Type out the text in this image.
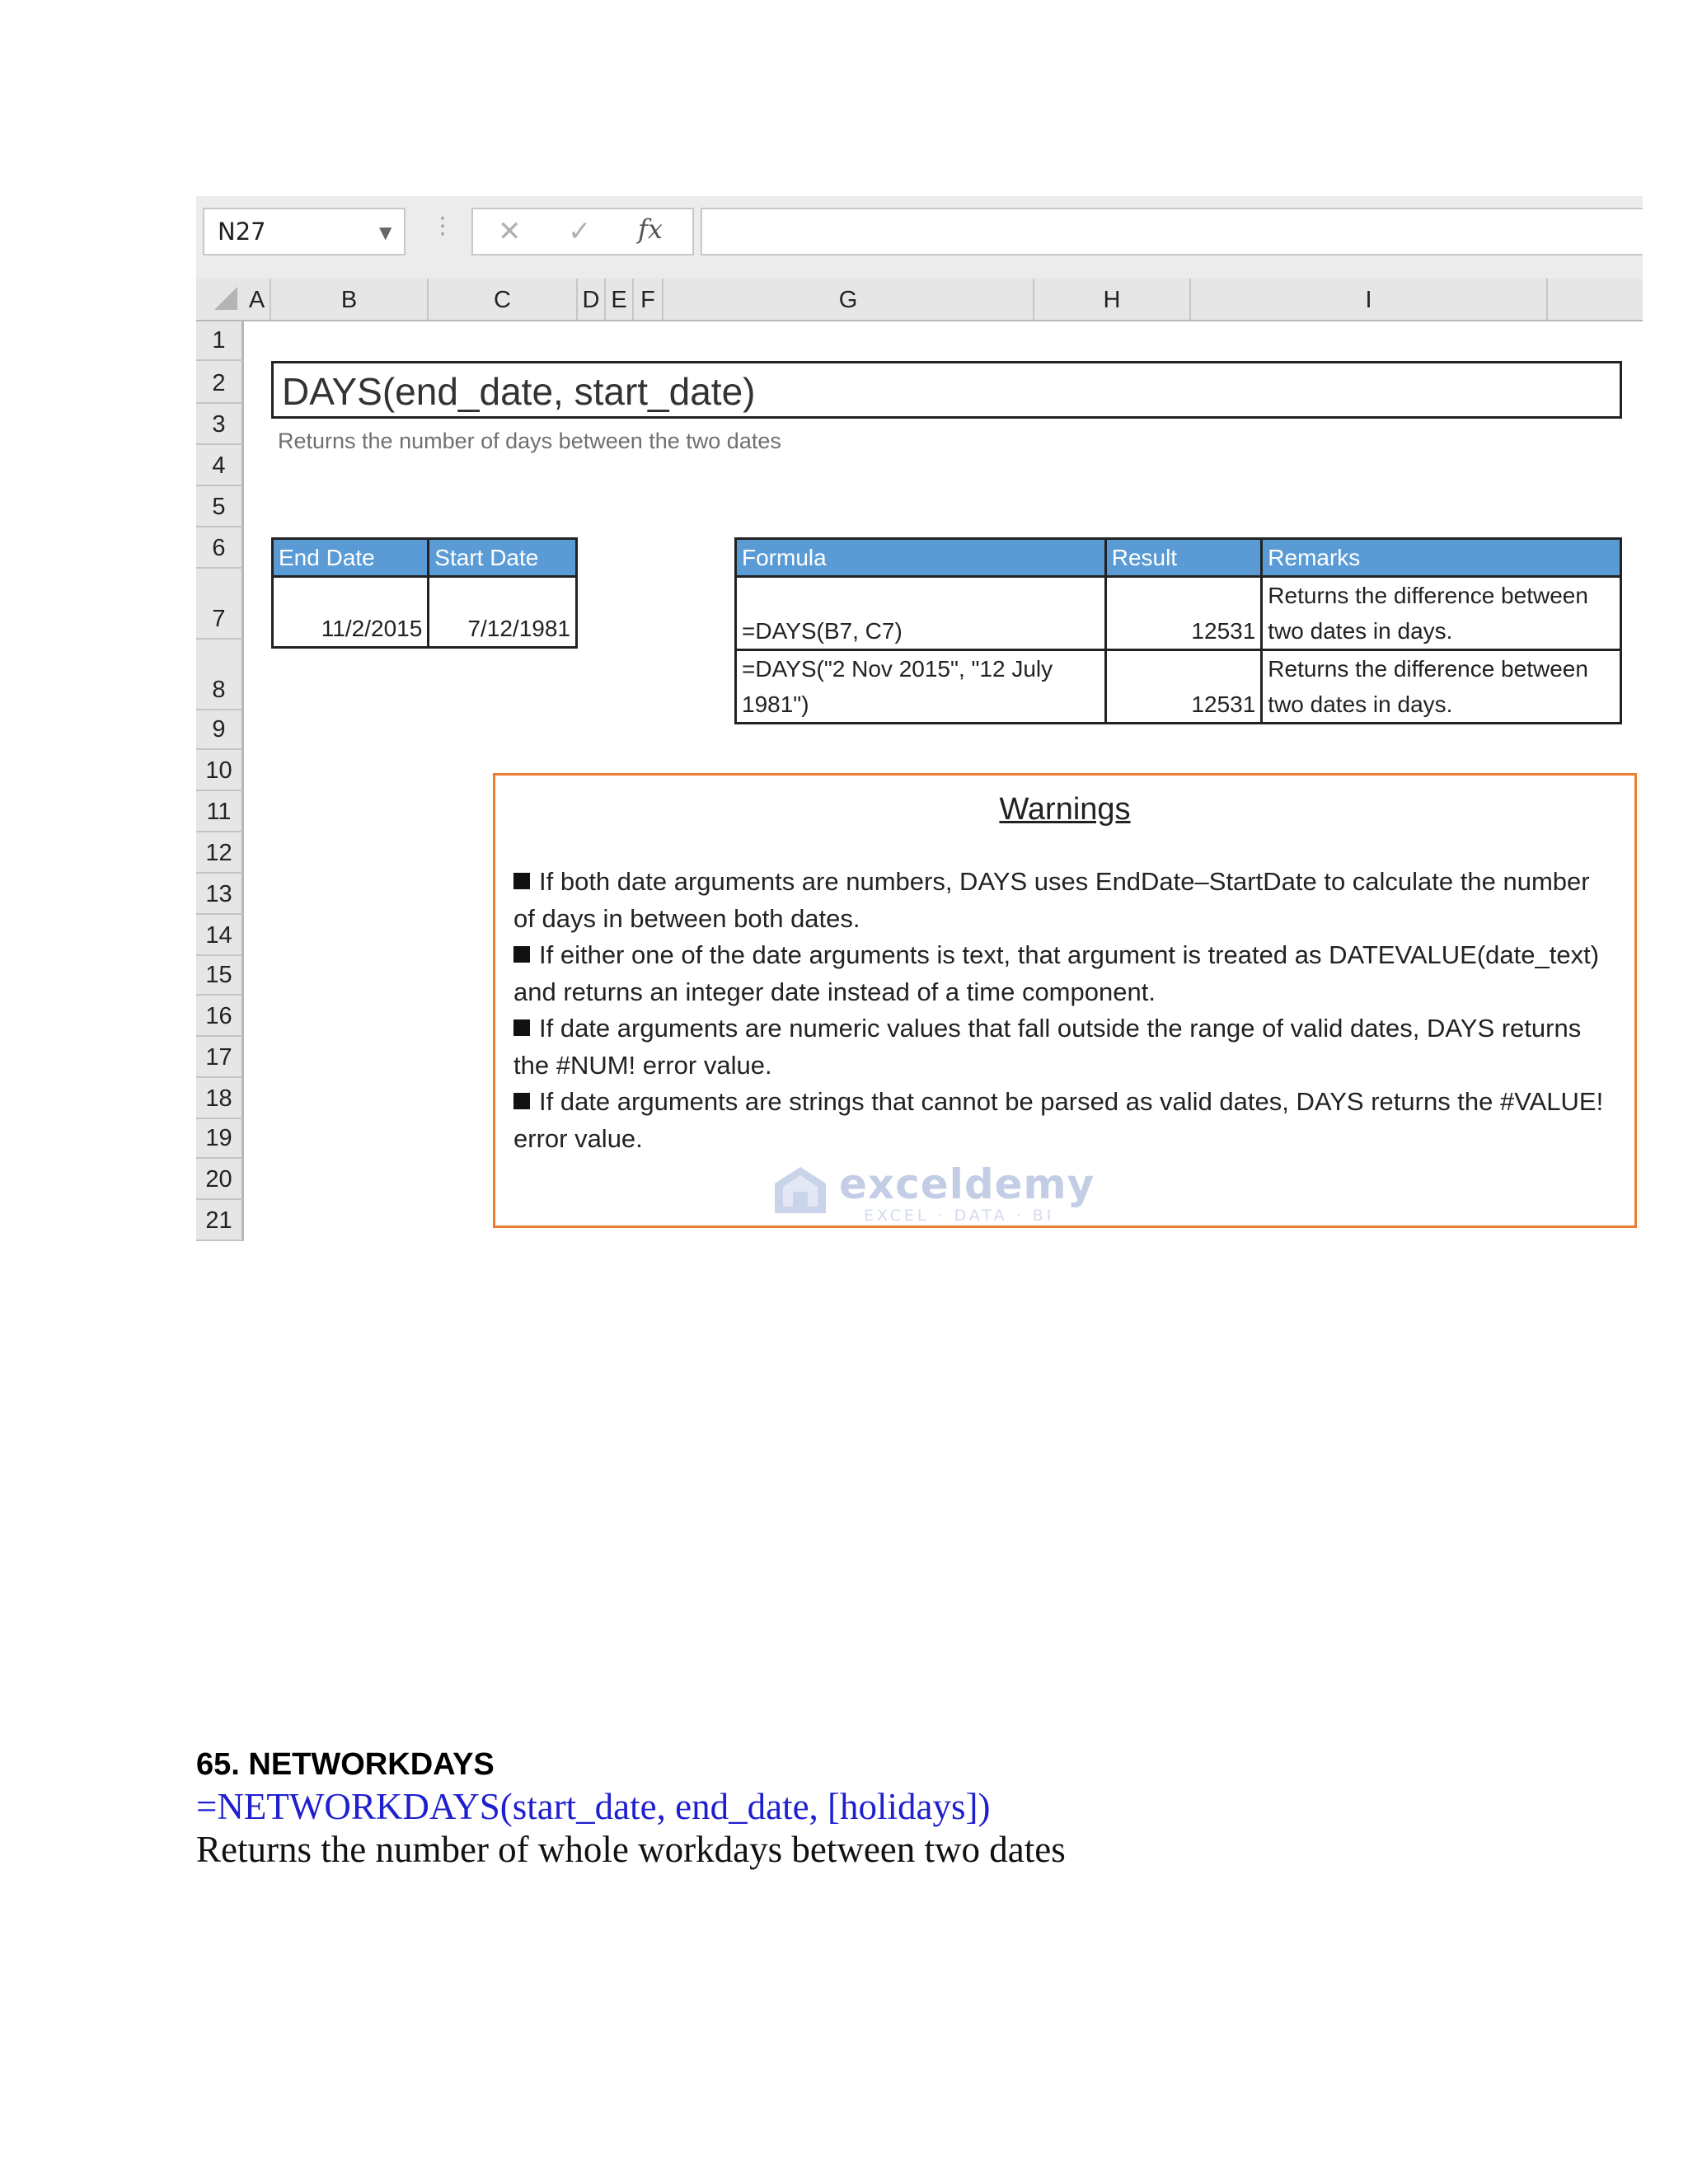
N27	▼ ⋮ ✕ ✓ fx
A	B	C	D E F	G	H	I
1
2
3
4
5
6
7
8
9
10
11
12
13
14
15
16
17
18
19
20
21
DAYS(end_date, start_date)
Returns the number of days between the two dates
End Date	Start Date
11/2/2015	7/12/1981
Formula	Result	Remarks
=DAYS(B7, C7)	12531	Returns the difference between two dates in days.
=DAYS("2 Nov 2015", "12 July 1981")	12531	Returns the difference between two dates in days.
Warnings
If both date arguments are numbers, DAYS uses EndDate–StartDate to calculate the number of days in between both dates.
If either one of the date arguments is text, that argument is treated as DATEVALUE(date_text) and returns an integer date instead of a time component.
If date arguments are numeric values that fall outside the range of valid dates, DAYS returns the #NUM! error value.
If date arguments are strings that cannot be parsed as valid dates, DAYS returns the #VALUE! error value.
exceldemy
EXCEL · DATA · BI
65. NETWORKDAYS
=NETWORKDAYS(start_date, end_date, [holidays])
Returns the number of whole workdays between two dates
